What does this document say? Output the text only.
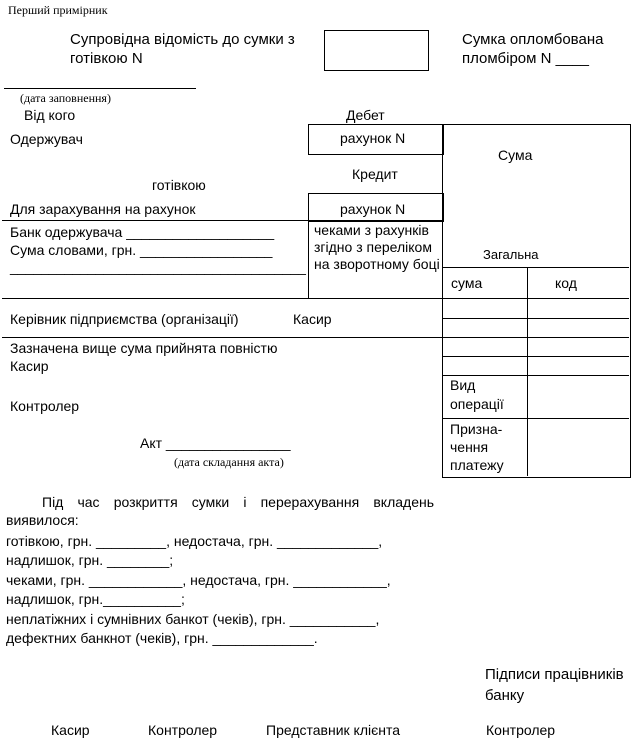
Перший примірник
Супровідна відомість до сумки з
готівкою N
Сумка опломбована
пломбіром N ____
(дата заповнення)
Від кого	Дебет
рахунок N
Кредит
рахунок N
Одержувач
готівкою
Для зарахування на рахунок
Сума
Загальна
сума	код
Вид операції
Призна-чення платежу
Банк одержувача ___________________
Сума словами, грн. _________________
______________________________________
чеками з рахунків згідно з переліком на зворотному боці
Керівник підприємства (організації)	Касир
Зазначена вище сума прийнята повністю
Касир
Контролер
Акт ________________
(дата складання акта)
Під час розкриття сумки і перерахування вкладень виявилося:
готівкою, грн. _________, недостача, грн. _____________,
надлишок, грн. ________;
чеками, грн. ____________, недостача, грн. ____________,
надлишок, грн.__________;
неплатіжних і сумнівних банкот (чеків), грн. ___________,
дефектних банкнот (чеків), грн. _____________.
Підписи працівників банку
Касир	Контролер	Представник клієнта	Контролер
